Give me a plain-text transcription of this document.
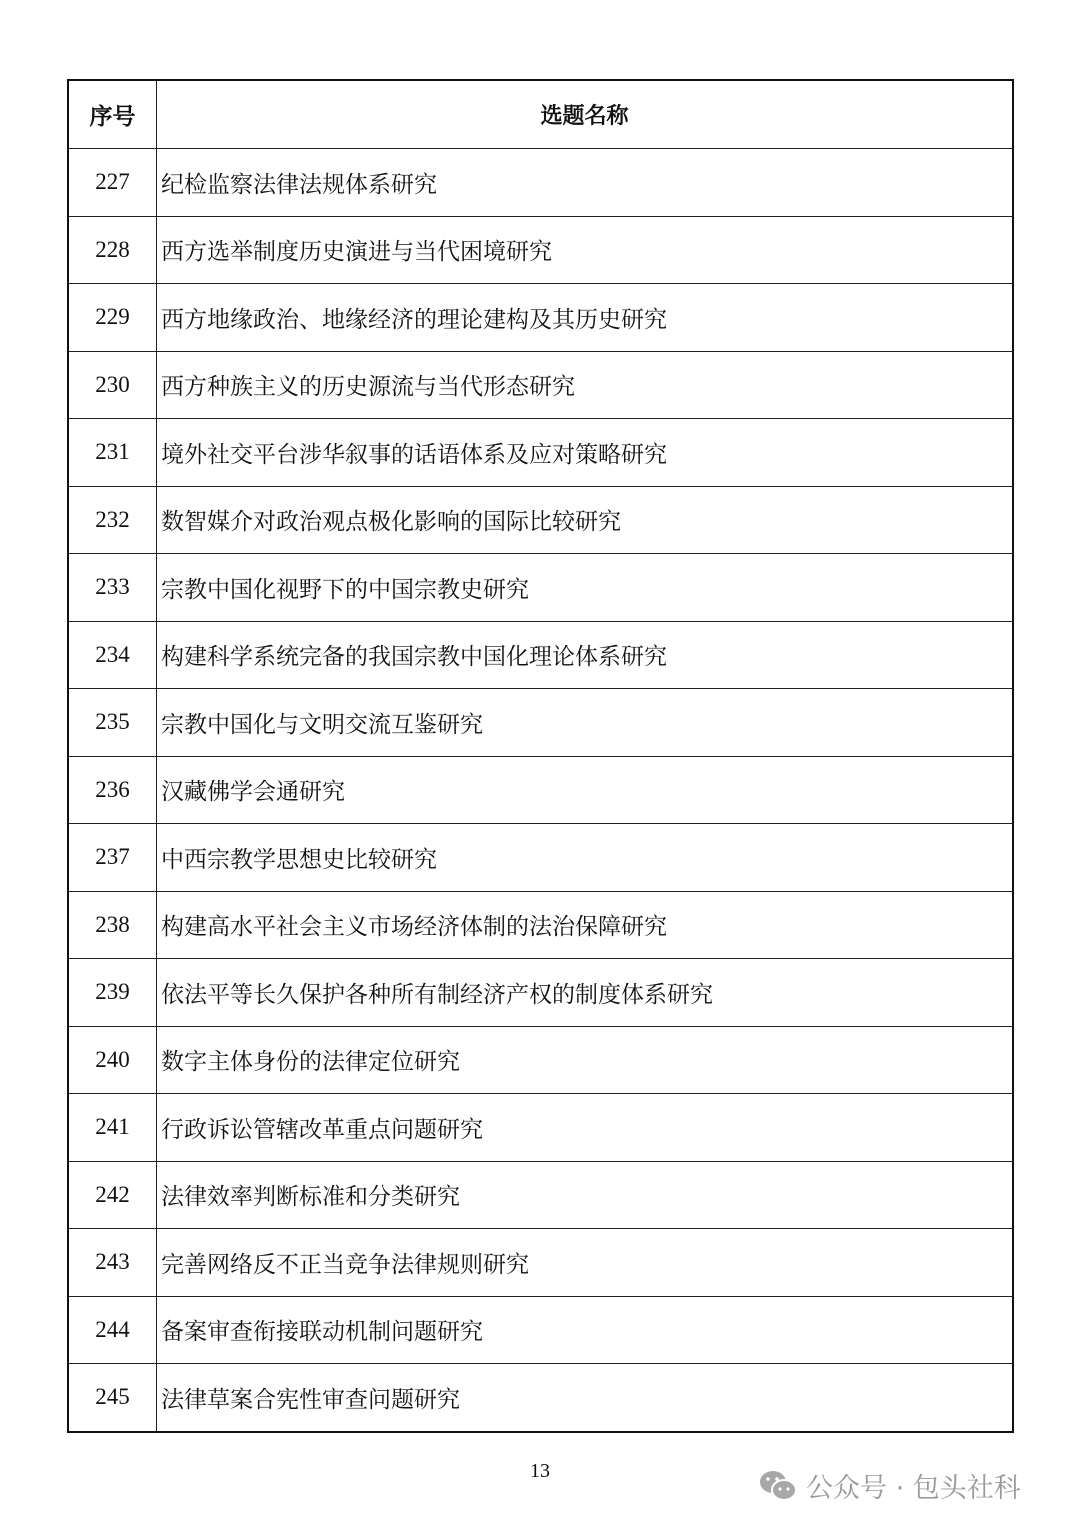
序号	选题名称
227	纪检监察法律法规体系研究
228	西方选举制度历史演进与当代困境研究
229	西方地缘政治、地缘经济的理论建构及其历史研究
230	西方种族主义的历史源流与当代形态研究
231	境外社交平台涉华叙事的话语体系及应对策略研究
232	数智媒介对政治观点极化影响的国际比较研究
233	宗教中国化视野下的中国宗教史研究
234	构建科学系统完备的我国宗教中国化理论体系研究
235	宗教中国化与文明交流互鉴研究
236	汉藏佛学会通研究
237	中西宗教学思想史比较研究
238	构建高水平社会主义市场经济体制的法治保障研究
239	依法平等长久保护各种所有制经济产权的制度体系研究
240	数字主体身份的法律定位研究
241	行政诉讼管辖改革重点问题研究
242	法律效率判断标准和分类研究
243	完善网络反不正当竞争法律规则研究
244	备案审查衔接联动机制问题研究
245	法律草案合宪性审查问题研究
13
公众号 · 包头社科
